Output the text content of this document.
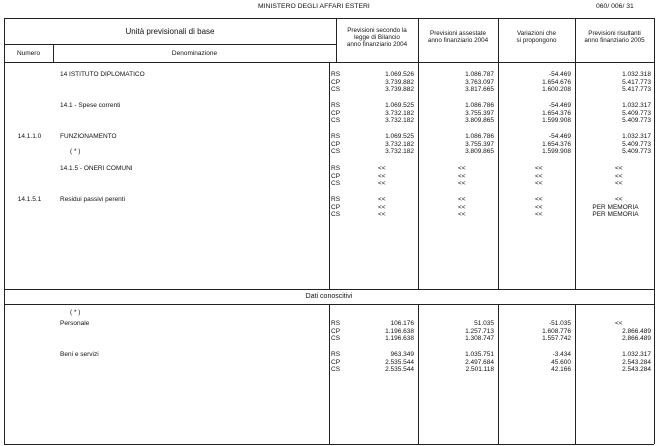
MINISTERO DEGLI AFFARI ESTERI	060/ 006/ 31
Unità previsionali di base
Numero	Denominazione
Previsioni secondo la
legge di Bilancio
anno finanziario 2004
Previsioni assestate
anno finanziario 2004
Variazioni che
si propongono
Previsioni risultanti
anno finanziario 2005
Dati conoscitivi
( * )
14 ISTITUTO DIPLOMATICO	RS	1.069.526	1.086.787	-54.469	1.032.318
CP	3.739.882	3.763.097	1.654.676	5.417.773
CS	3.739.882	3.817.665	1.600.208	5.417.773
14.1 - Spese correnti	RS	1.069.525	1.086.786	-54.469	1.032.317
CP	3.732.182	3.755.397	1.654.376	5.409.773
CS	3.732.182	3.809.865	1.599.908	5.409.773
14.1.1.0	FUNZIONAMENTO
( * )
RS	1.069.525	1.086.786	-54.469	1.032.317
CP	3.732.182	3.755.397	1.654.376	5.409.773
CS	3.732.182	3.809.865	1.599.908	5.409.773
14.1.5 - ONERI COMUNI	RS	<<	<<	<<	<<
CP	<<	<<	<<	<<
CS	<<	<<	<<	<<
14.1.5.1	Residui passivi perenti	RS	<<	<<	<<	<<
CP	<<	<<	<<	PER MEMORIA
CS	<<	<<	<<	PER MEMORIA
Personale	RS	106.176	51.035	-51.035	<<
CP	1.196.638	1.257.713	1.608.776	2.866.489
CS	1.196.638	1.308.747	1.557.742	2.866.489
Beni e servizi	RS	963.349	1.035.751	-3.434	1.032.317
CP	2.535.544	2.497.684	45.600	2.543.284
CS	2.535.544	2.501.118	42.166	2.543.284
